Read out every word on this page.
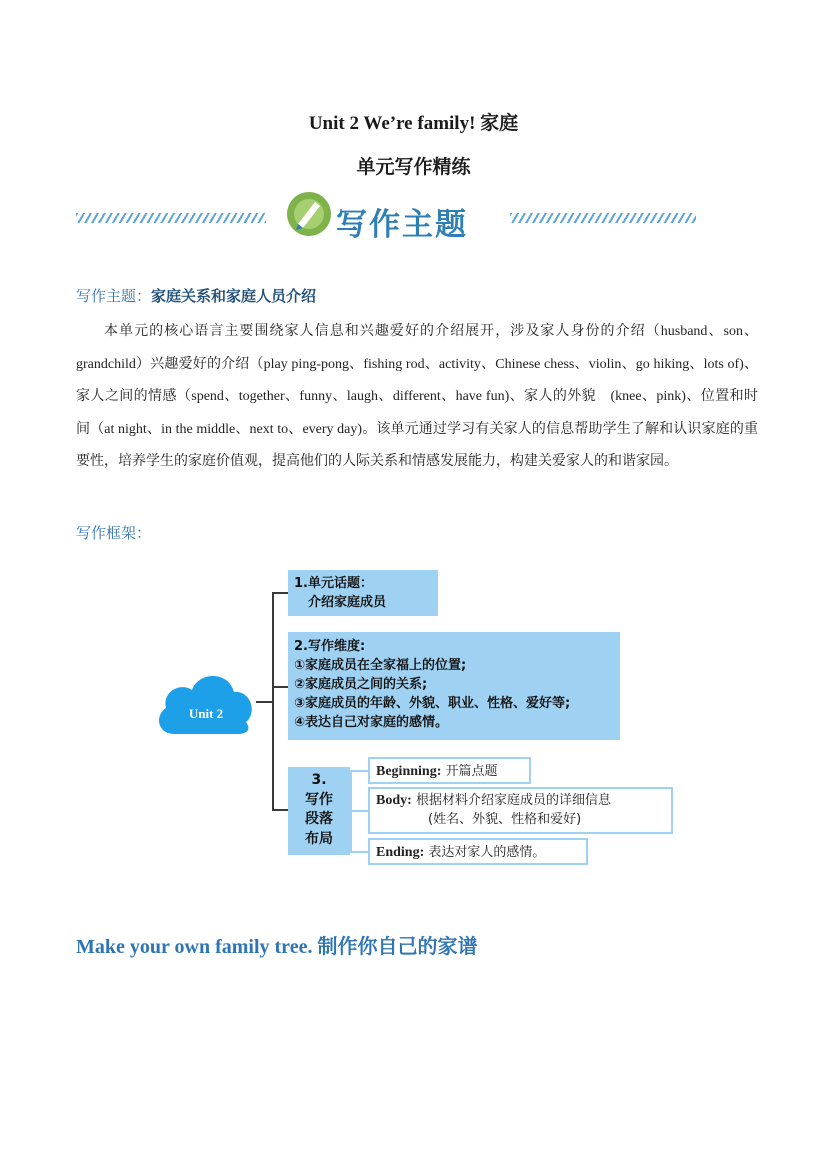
Unit 2 We’re family! 家庭
单元写作精练
写作主题
写作主题：家庭关系和家庭人员介绍

本单元的核心语言主要围绕家人信息和兴趣爱好的介绍展开，涉及家人身份的介绍（husband、son、grandchild）兴趣爱好的介绍（play ping-pong、fishing rod、activity、Chinese chess、violin、go hiking、lots of)、家人之间的情感（spend、together、funny、laugh、different、have fun)、家人的外貌　(knee、pink)、位置和时间（at night、in the middle、next to、every day)。该单元通过学习有关家人的信息帮助学生了解和认识家庭的重要性，培养学生的家庭价值观，提高他们的人际关系和情感发展能力，构建关爱家人的和谐家园。

写作框架：
Unit 2
1.单元话题：
介绍家庭成员
2.写作维度:
①家庭成员在全家福上的位置;
②家庭成员之间的关系;
③家庭成员的年龄、外貌、职业、性格、爱好等;
④表达自己对家庭的感情。
3.
写作
段落
布局
Beginning: 开篇点题
Body: 根据材料介绍家庭成员的详细信息
(姓名、外貌、性格和爱好)
Ending: 表达对家人的感情。
Make your own family tree. 制作你自己的家谱
